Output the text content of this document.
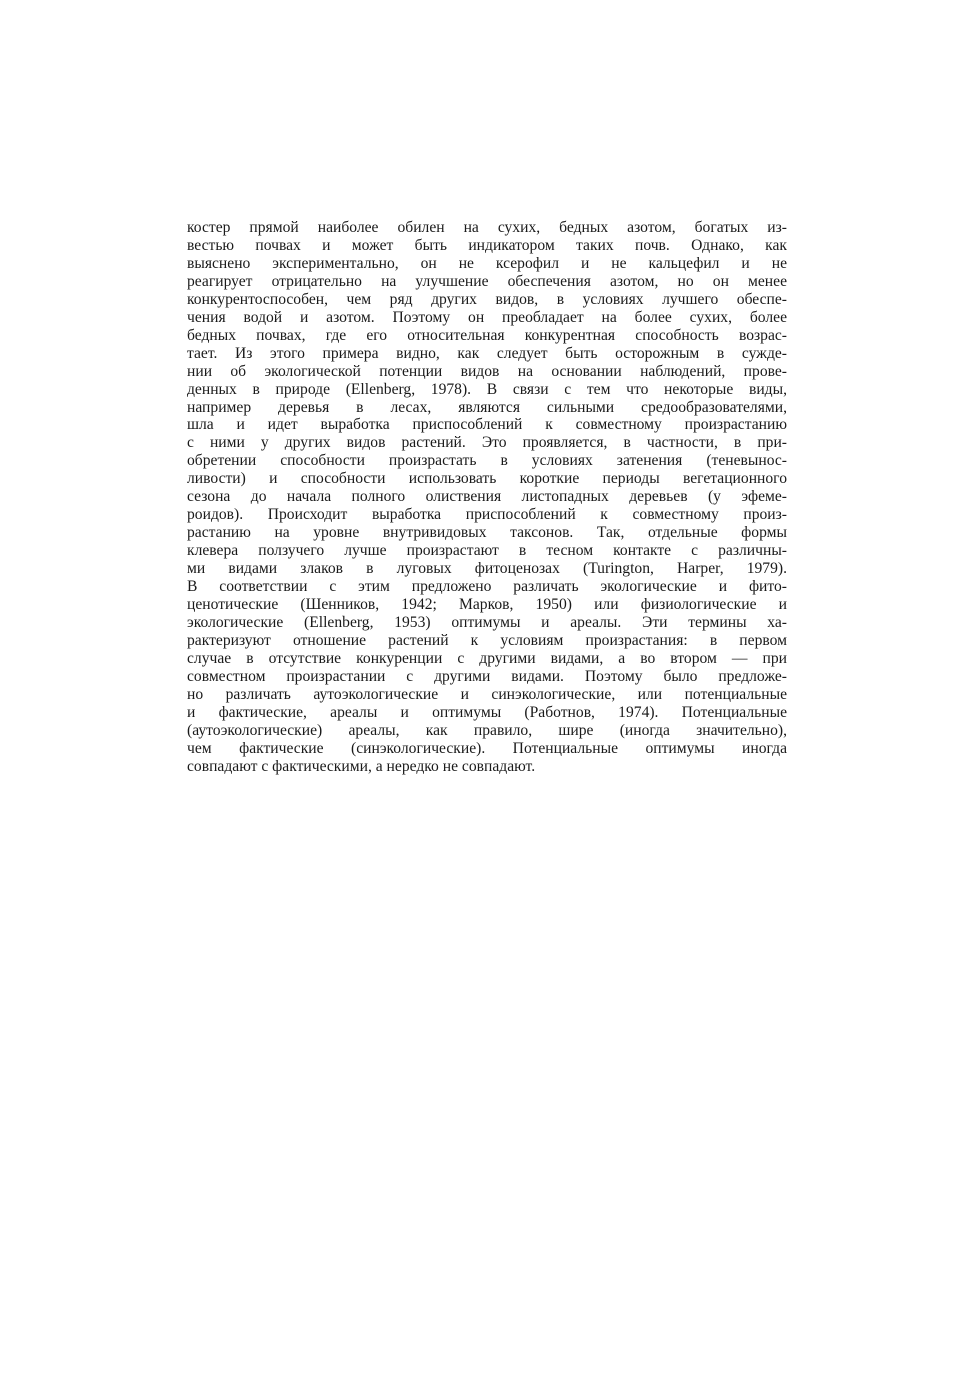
костер прямой наиболее обилен на сухих, бедных азотом, богатых из-
вестью почвах и может быть индикатором таких почв. Однако, как
выяснено экспериментально, он не ксерофил и не кальцефил и не
реагирует отрицательно на улучшение обеспечения азотом, но он менее
конкурентоспособен, чем ряд других видов, в условиях лучшего обеспе-
чения водой и азотом. Поэтому он преобладает на более сухих, более
бедных почвах, где его относительная конкурентная способность возрас-
тает. Из этого примера видно, как следует быть осторожным в сужде-
нии об экологической потенции видов на основании наблюдений, прове-
денных в природе (Ellenberg, 1978). В связи с тем что некоторые виды,
например деревья в лесах, являются сильными средообразователями,
шла и идет выработка приспособлений к совместному произрастанию
с ними у других видов растений. Это проявляется, в частности, в при-
обретении способности произрастать в условиях затенения (теневынос-
ливости) и способности использовать короткие периоды вегетационного
сезона до начала полного олиствения листопадных деревьев (у эфеме-
роидов). Происходит выработка приспособлений к совместному произ-
растанию на уровне внутривидовых таксонов. Так, отдельные формы
клевера ползучего лучше произрастают в тесном контакте с различны-
ми видами злаков в луговых фитоценозах (Turington, Harper, 1979).
В соответствии с этим предложено различать экологические и фито-
ценотические (Шенников, 1942; Марков, 1950) или физиологические и
экологические (Ellenberg, 1953) оптимумы и ареалы. Эти термины ха-
рактеризуют отношение растений к условиям произрастания: в первом
случае в отсутствие конкуренции с другими видами, а во втором — при
совместном произрастании с другими видами. Поэтому было предложе-
но различать аутоэкологические и синэкологические, или потенциальные
и фактические, ареалы и оптимумы (Работнов, 1974). Потенциальные
(аутоэкологические) ареалы, как правило, шире (иногда значительно),
чем фактические (синэкологические). Потенциальные оптимумы иногда
совпадают с фактическими, а нередко не совпадают.
